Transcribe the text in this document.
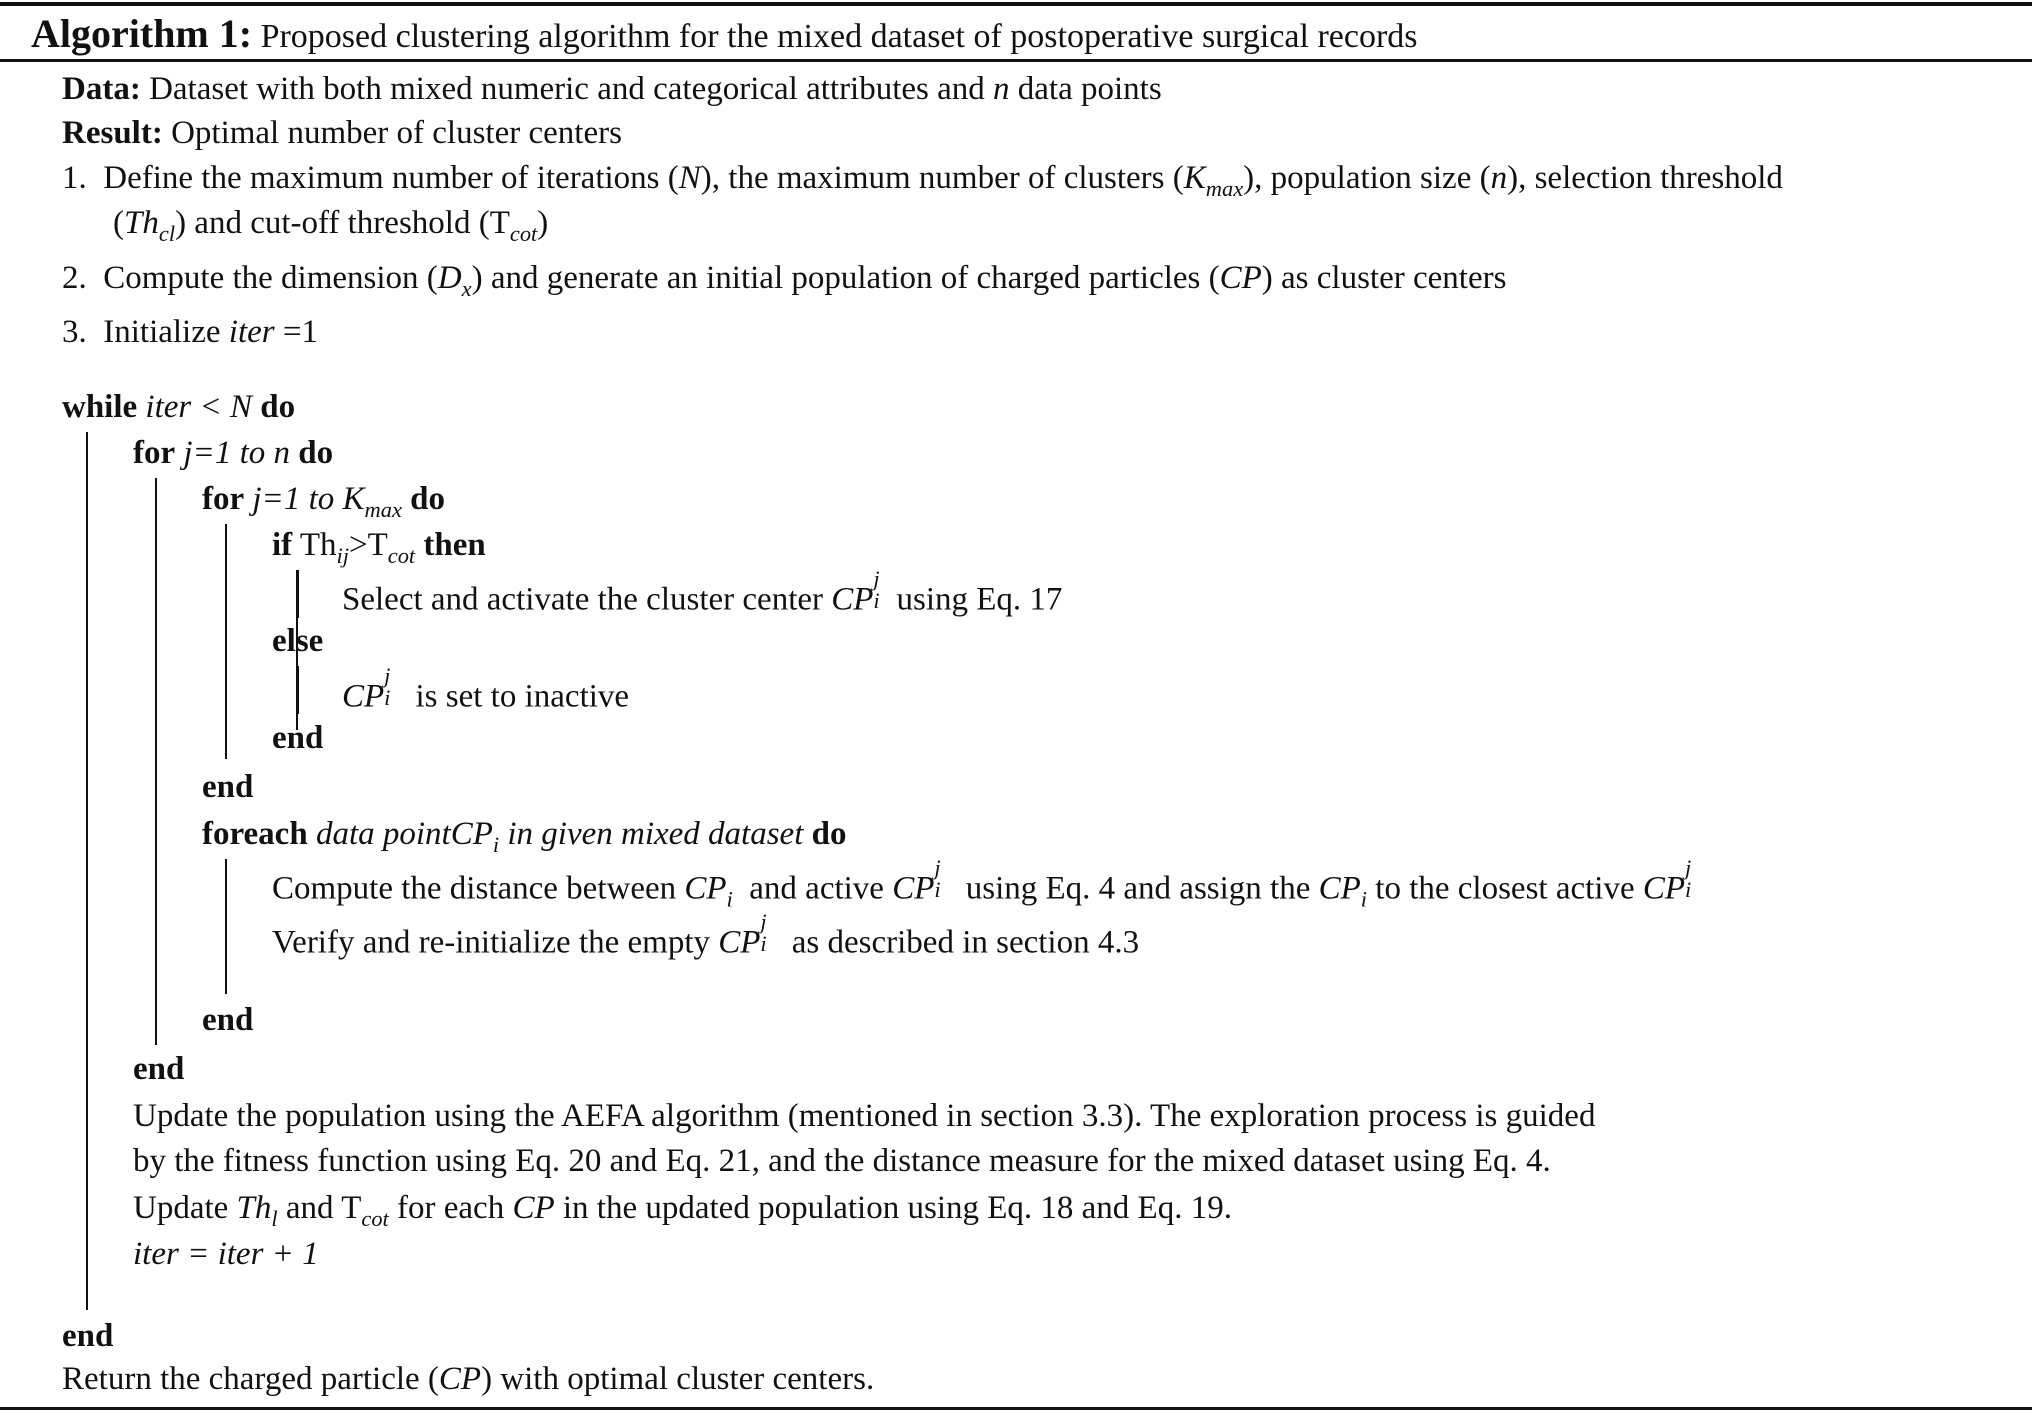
Algorithm 1: Proposed clustering algorithm for the mixed dataset of postoperative surgical records
Data: Dataset with both mixed numeric and categorical attributes and n data points
Result: Optimal number of cluster centers
1. Define the maximum number of iterations (N), the maximum number of clusters $(K_{max})$, population size (n), selection threshold
$(Th_{cl})$ and cut-off threshold $(T_{cot})$
2. Compute the dimension $(D_x)$ and generate an initial population of charged particles (CP) as cluster centers
3. Initialize iter =1
while iter < N do
for j=1 to n do
for j=1 to $K_{max}$ do
if $Th_{ij}>T_{cot}$ then
Select and activate the cluster center CP
j
i using Eq. 17
else
CP
j
i is set to inactive
end
end
foreach data pointCP$_i$ in given mixed dataset do
Compute the distance between $CP_i$ and active CP
j
i using Eq. 4 and assign the $CP_i$ to the closest active CP
j
i
Verify and re-initialize the empty CP
j
i as described in section 4.3
end
end
Update the population using the AEFA algorithm (mentioned in section 3.3). The exploration process is guided
by the fitness function using Eq. 20 and Eq. 21, and the distance measure for the mixed dataset using Eq. 4.
Update $Th_l$ and $T_{cot}$ for each CP in the updated population using Eq. 18 and Eq. 19.
iter = iter + 1
end
Return the charged particle (CP) with optimal cluster centers.
